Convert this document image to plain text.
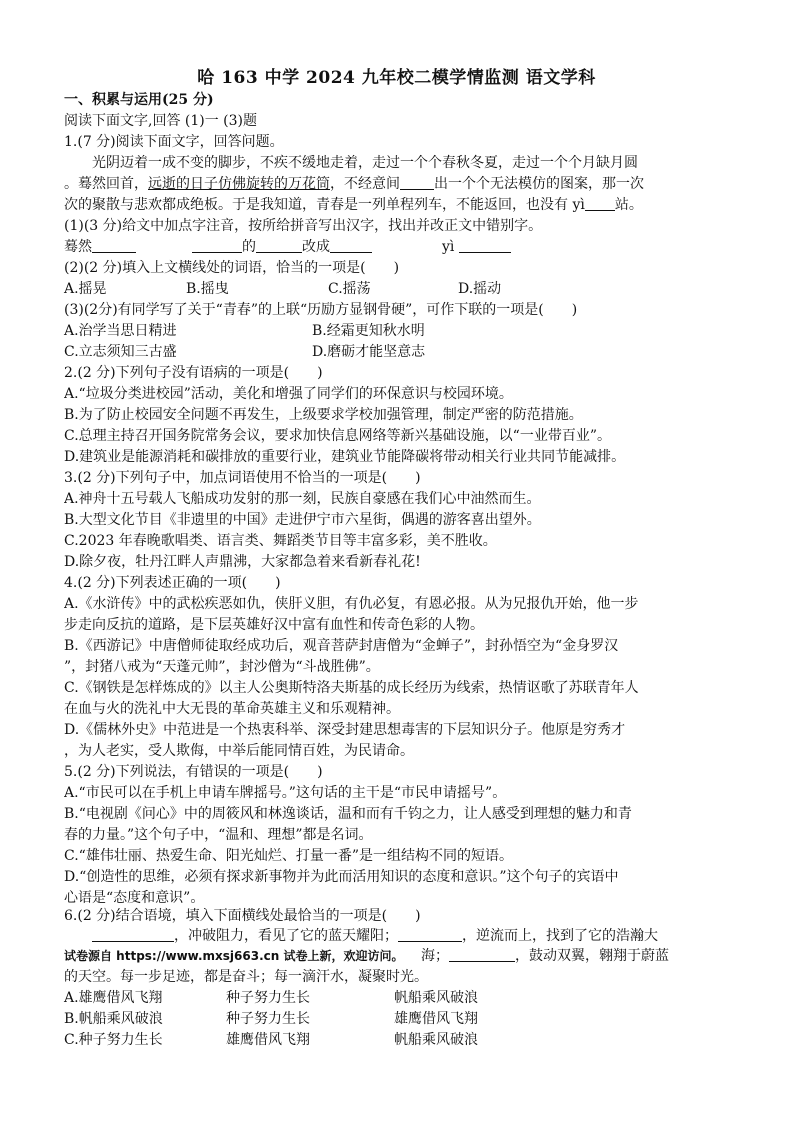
哈 163 中学 2024 九年校二模学情监测 语文学科
一、积累与运用(25 分)
阅读下面文字,回答 (1)一 (3)题
1.(7 分)阅读下面文字，回答问题。
光阴迈着一成不变的脚步，不疾不缓地走着，走过一个个春秋冬夏，走过一个个月缺月圆
。蓦然回首，远逝的日子仿佛旋转的万花筒，不经意间 出一个个无法模仿的图案，那一次
次的聚散与悲欢都成绝板。于是我知道，青春是一列单程列车，不能返回，也没有 yì 站。
(1)(3 分)给文中加点字注音，按所给拼音写出汉字，找出并改正文中错别字。
蓦然	的	改成	yì
(2)(2 分)填入上文横线处的词语，恰当的一项是(　　)
A.摇晃	B.摇曳	C.摇荡	D.摇动
(3)(2分)有同学写了关于“青春”的上联“历励方显钢骨硬”，可作下联的一项是(　　)
A.治学当思日精进	B.经霜更知秋水明
C.立志须知三古盛	D.磨砺才能坚意志
2.(2 分)下列句子没有语病的一项是(　　)
A.“垃圾分类进校园”活动，美化和增强了同学们的环保意识与校园环境。
B.为了防止校园安全问题不再发生，上级要求学校加强管理，制定严密的防范措施。
C.总理主持召开国务院常务会议，要求加快信息网络等新兴基础设施，以“一业带百业”。
D.建筑业是能源消耗和碳排放的重要行业，建筑业节能降碳将带动相关行业共同节能减排。
3.(2 分)下列句子中，加点词语使用不恰当的一项是(　　)
A.神舟十五号载人飞船成功发射的那一刻，民族自豪感在我们心中油然而生。
B.大型文化节目《非遗里的中国》走进伊宁市六星街，偶遇的游客喜出望外。
C.2023 年春晚歌唱类、语言类、舞蹈类节目等丰富多彩，美不胜收。
D.除夕夜，牡丹江畔人声鼎沸，大家都急着来看新春礼花!
4.(2 分)下列表述正确的一项(　　)
A.《水浒传》中的武松疾恶如仇，侠肝义胆，有仇必复，有恩必报。从为兄报仇开始，他一步
步走向反抗的道路，是下层英雄好汉中富有血性和传奇色彩的人物。
B.《西游记》中唐僧师徒取经成功后，观音菩萨封唐僧为“金蝉子”，封孙悟空为“金身罗汉
”，封猪八戒为“天蓬元帅”，封沙僧为“斗战胜佛”。
C.《钢铁是怎样炼成的》以主人公奥斯特洛夫斯基的成长经历为线索，热情讴歌了苏联青年人
在血与火的洗礼中大无畏的革命英雄主义和乐观精神。
D.《儒林外史》中范进是一个热衷科举、深受封建思想毒害的下层知识分子。他原是穷秀才
，为人老实，受人欺侮，中举后能同情百姓，为民请命。
5.(2 分)下列说法，有错误的一项是(　　)
A.“市民可以在手机上申请车牌摇号。”这句话的主干是“市民申请摇号”。
B.“电视剧《问心》中的周筱风和林逸谈话，温和而有千钧之力，让人感受到理想的魅力和青
春的力量。”这个句子中，“温和、理想”都是名词。
C.“雄伟壮丽、热爱生命、阳光灿烂、打量一番”是一组结构不同的短语。
D.“创造性的思维，必须有探求新事物并为此而活用知识的态度和意识。”这个句子的宾语中
心语是“态度和意识”。
6.(2 分)结合语境，填入下面横线处最恰当的一项是(　　)
，冲破阻力，看见了它的蓝天耀阳；	，逆流而上，找到了它的浩瀚大
试卷源自 https://www.mxsj663.cn 试卷上新，欢迎访问。 海；	，鼓动双翼，翱翔于蔚蓝
的天空。每一步足迹，都是奋斗；每一滴汗水，凝聚时光。
A.雄鹰借风飞翔	种子努力生长	帆船乘风破浪
B.帆船乘风破浪	种子努力生长	雄鹰借风飞翔
C.种子努力生长	雄鹰借风飞翔	帆船乘风破浪
